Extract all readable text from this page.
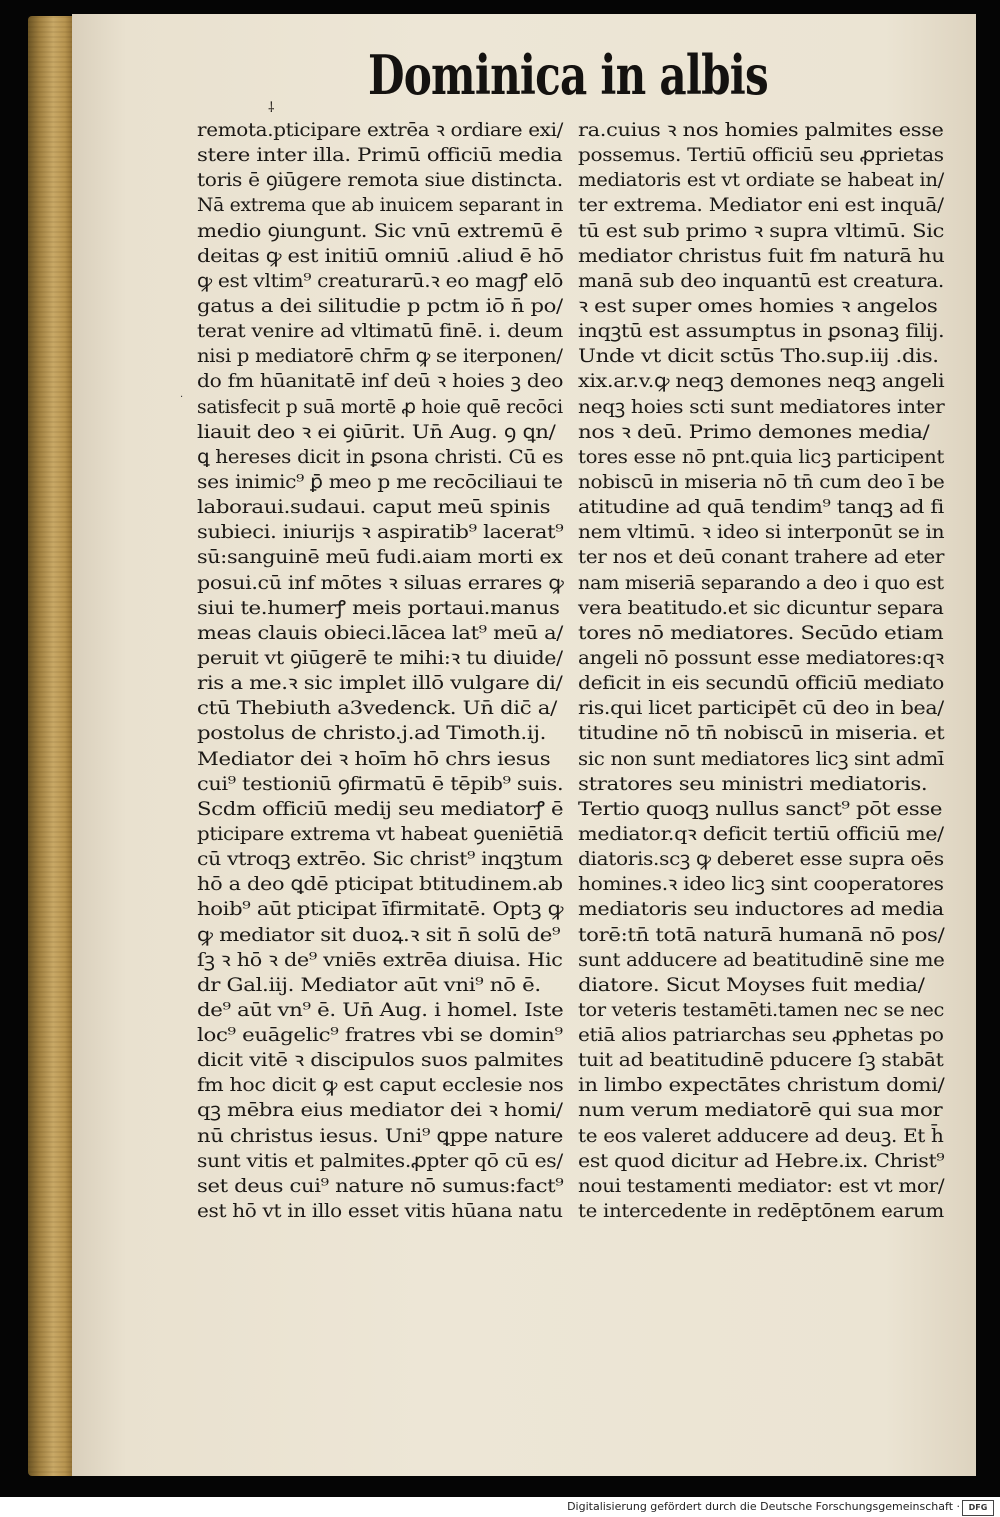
Dominica in albis
⸸
·
remota.pticipare extrēa ꝛ ordiare exi/
stere inter illa. Primū officiū media
toris ē ꝯiūgere remota siue distincta.
Nā extrema que ab inuicem separant in
medio ꝯiungunt. Sic vnū extremū ē
deitas ꝙ est initiū omniū .aliud ē hō
ꝙ est vltim⁹ creaturarū.ꝛ eo magꝭ elō
gatus a dei silitudie p pctm iō n̄ po/
terat venire ad vltimatū finē. i. deum
nisi p mediatorē chr̄m ꝙ se iterponen/
do fm hūanitatē inf deū ꝛ hoies ꝫ deo
satisfecit p suā mortē ꝓ hoie quē recōci
liauit deo ꝛ ei ꝯiūrit. Un̄ Aug. ꝯ ꝗn/
ꝗ hereses dicit in ꝑsona christi. Cū es
ses inimic⁹ ꝑ̄ meo p me recōciliaui te
laboraui.sudaui. caput meū spinis
subieci. iniurijs ꝛ aspiratib⁹ lacerat⁹
sū:sanguinē meū fudi.aiam morti ex
posui.cū inf mōtes ꝛ siluas errares ꝙ
siui te.humerꝭ meis portaui.manus
meas clauis obieci.lācea lat⁹ meū a/
peruit vt ꝯiūgerē te mihi:ꝛ tu diuide/
ris a me.ꝛ sic implet illō vulgare di/
ctū Thebiuth a3vedenck. Un̄ dic̄ a/
postolus de christo.j.ad Timoth.ij.
Mediator dei ꝛ hoīm hō chrs iesus
cui⁹ testioniū ꝯfirmatū ē tēpib⁹ suis.
Scdm officiū medij seu mediatorꝭ ē
pticipare extrema vt habeat ꝯueniētiā
cū vtroqꝫ extrēo. Sic christ⁹ inqꝫtum
hō a deo ꝗdē pticipat btitudinem.ab
hoib⁹ aūt pticipat īfirmitatē. Optꝫ ꝙ
ꝙ mediator sit duoꝝ.ꝛ sit n̄ solū de⁹
ſꝫ ꝛ hō ꝛ de⁹ vniēs extrēa diuisa. Hic
dr Gal.iij. Mediator aūt vni⁹ nō ē.
de⁹ aūt vn⁹ ē. Un̄ Aug. i homel. Iste
loc⁹ euāgelic⁹ fratres vbi se domin⁹
dicit vitē ꝛ discipulos suos palmites
fm hoc dicit ꝙ est caput ecclesie nos
qꝫ mēbra eius mediator dei ꝛ homi/
nū christus iesus. Uni⁹ ꝗppe nature
sunt vitis et palmites.ꝓpter qō cū es/
set deus cui⁹ nature nō sumus:fact⁹
est hō vt in illo esset vitis hūana natu
ra.cuius ꝛ nos homies palmites esse
possemus. Tertiū officiū seu ꝓprietas
mediatoris est vt ordiate se habeat in/
ter extrema. Mediator eni est inquā/
tū est sub primo ꝛ supra vltimū. Sic
mediator christus fuit fm naturā hu
manā sub deo inquantū est creatura.
ꝛ est super omes homies ꝛ angelos
inqꝫtū est assumptus in ꝑsonaꝫ filij.
Unde vt dicit sctūs Tho.sup.iij .dis.
xix.ar.v.ꝙ neqꝫ demones neqꝫ angeli
neqꝫ hoies scti sunt mediatores inter
nos ꝛ deū. Primo demones media/
tores esse nō pnt.quia licꝫ participent
nobiscū in miseria nō tn̄ cum deo ī be
atitudine ad quā tendim⁹ tanqꝫ ad fi
nem vltimū. ꝛ ideo si interponūt se in
ter nos et deū conant trahere ad eter
nam miseriā separando a deo i quo est
vera beatitudo.et sic dicuntur separa
tores nō mediatores. Secūdo etiam
angeli nō possunt esse mediatores:qꝛ
deficit in eis secundū officiū mediato
ris.qui licet participēt cū deo in bea/
titudine nō tn̄ nobiscū in miseria. et
sic non sunt mediatores licꝫ sint admī
stratores seu ministri mediatoris.
Tertio quoqꝫ nullus sanct⁹ pōt esse
mediator.qꝛ deficit tertiū officiū me/
diatoris.scꝫ ꝙ deberet esse supra oēs
homines.ꝛ ideo licꝫ sint cooperatores
mediatoris seu inductores ad media
torē:tn̄ totā naturā humanā nō pos/
sunt adducere ad beatitudinē sine me
diatore. Sicut Moyses fuit media/
tor veteris testamēti.tamen nec se nec
etiā alios patriarchas seu ꝓphetas po
tuit ad beatitudinē pducere ſꝫ stabāt
in limbo expectātes christum domi/
num verum mediatorē qui sua mor
te eos valeret adducere ad deuꝫ. Et h̄
est quod dicitur ad Hebre.ix. Christ⁹
noui testamenti mediator: est vt mor/
te intercedente in redēptōnem earum
Digitalisierung gefördert durch die Deutsche Forschungsgemeinschaft ·	DFG
